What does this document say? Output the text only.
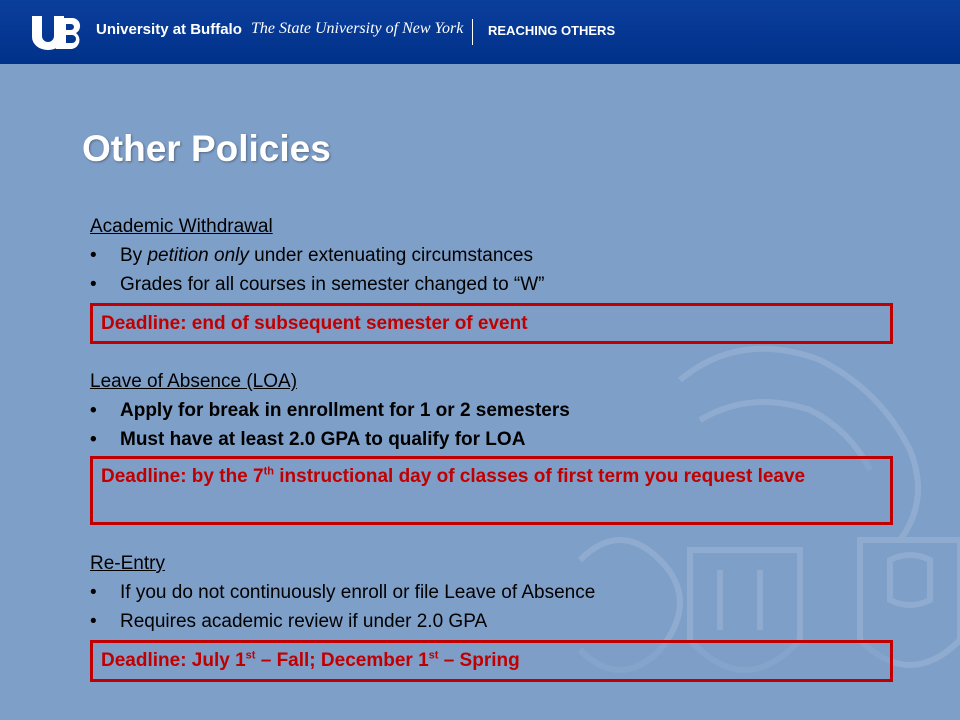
University at Buffalo The State University of New York REACHING OTHERS
Other Policies

Academic Withdrawal

• By petition only under extenuating circumstances

• Grades for all courses in semester changed to “W”

Deadline: end of subsequent semester of event

Leave of Absence (LOA)

• Apply for break in enrollment for 1 or 2 semesters

• Must have at least 2.0 GPA to qualify for LOA

Deadline: by the 7th instructional day of classes of first term you request leave

Re-Entry

• If you do not continuously enroll or file Leave of Absence

• Requires academic review if under 2.0 GPA

Deadline: July 1st – Fall; December 1st – Spring
